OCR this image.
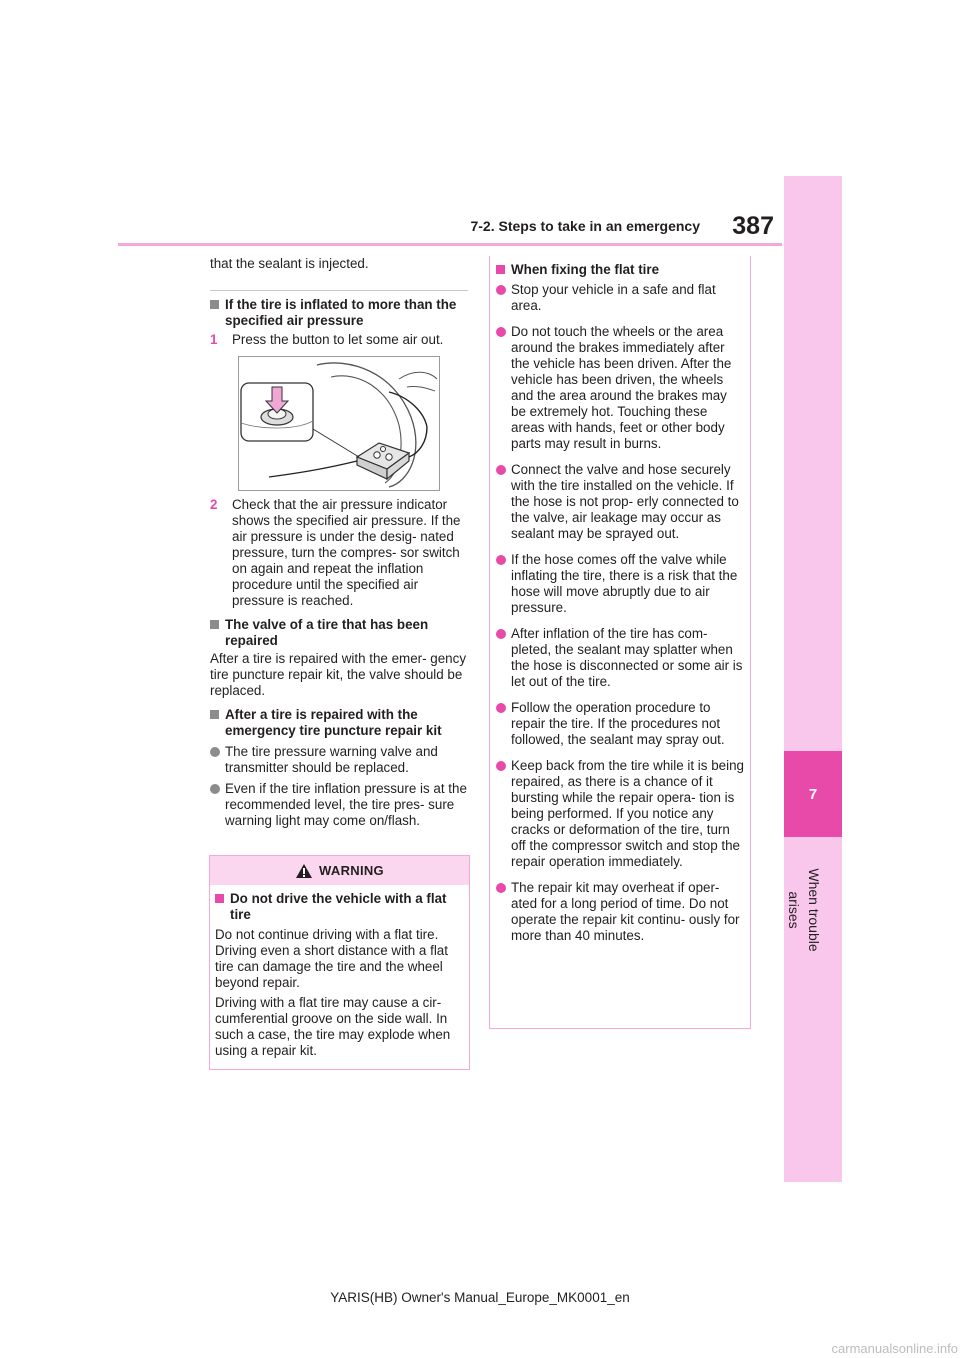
7-2. Steps to take in an emergency	387
7
When trouble arises

that the sealant is injected.

If the tire is inflated to more than the specified air pressure

1	Press the button to let some air out.

2	Check that the air pressure indicator shows the specified air pressure. If the air pressure is under the desig- nated pressure, turn the compres- sor switch on again and repeat the inflation procedure until the specified air pressure is reached.

The valve of a tire that has been repaired

After a tire is repaired with the emer- gency tire puncture repair kit, the valve should be replaced.

After a tire is repaired with the emergency tire puncture repair kit

The tire pressure warning valve and transmitter should be replaced.

Even if the tire inflation pressure is at the recommended level, the tire pres- sure warning light may come on/flash.

WARNING

Do not drive the vehicle with a flat tire

Do not continue driving with a flat tire. Driving even a short distance with a flat tire can damage the tire and the wheel beyond repair.

Driving with a flat tire may cause a cir- cumferential groove on the side wall. In such a case, the tire may explode when using a repair kit.

When fixing the flat tire

Stop your vehicle in a safe and flat area.

Do not touch the wheels or the area around the brakes immediately after the vehicle has been driven. After the vehicle has been driven, the wheels and the area around the brakes may be extremely hot. Touching these areas with hands, feet or other body parts may result in burns.

Connect the valve and hose securely with the tire installed on the vehicle. If the hose is not prop- erly connected to the valve, air leakage may occur as sealant may be sprayed out.

If the hose comes off the valve while inflating the tire, there is a risk that the hose will move abruptly due to air pressure.

After inflation of the tire has com- pleted, the sealant may splatter when the hose is disconnected or some air is let out of the tire.

Follow the operation procedure to repair the tire. If the procedures not followed, the sealant may spray out.

Keep back from the tire while it is being repaired, as there is a chance of it bursting while the repair opera- tion is being performed. If you notice any cracks or deformation of the tire, turn off the compressor switch and stop the repair operation immediately.

The repair kit may overheat if oper- ated for a long period of time. Do not operate the repair kit continu- ously for more than 40 minutes.

YARIS(HB) Owner's Manual_Europe_MK0001_en
carmanualsonline.info
